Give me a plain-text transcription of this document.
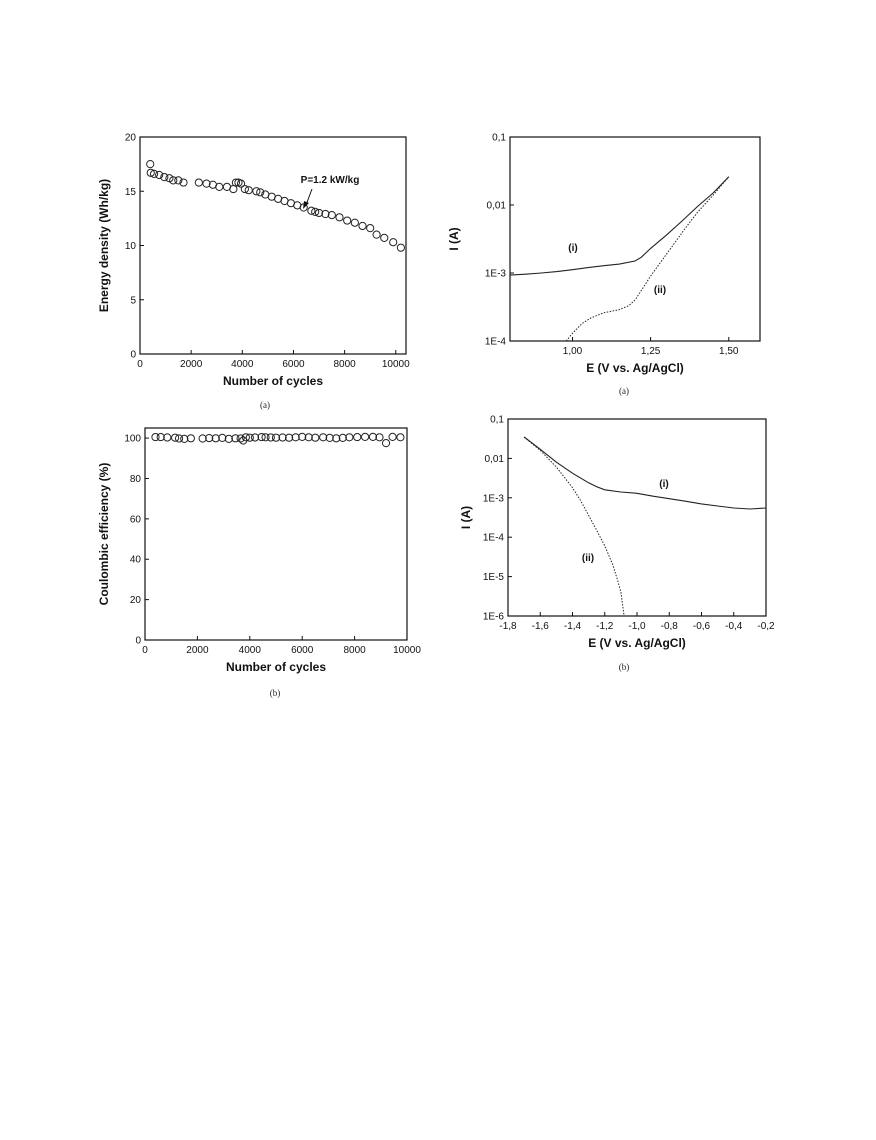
0	2000	4000	6000	8000	10000
0
5
10
15
20
Number of cycles
Energy density (Wh/kg)	P=1.2 kW/kg
(a)
0	2000	4000	6000	8000	10000
0
20
40
60
80
100
Number of cycles
Coulombic efficiency (%)
(b)
1,00	1,25	1,50
1E-4
1E-3
0,01
0,1
E (V vs. Ag/AgCl)
I (A)	(i)
(ii)
(a)
-1,8 -1,6 -1,4 -1,2 -1,0 -0,8 -0,6 -0,4 -0,2
1E-6
1E-5
1E-4
1E-3
0,01
0,1
E (V vs. Ag/AgCl)
I (A)
(i)
(ii)
(b)
